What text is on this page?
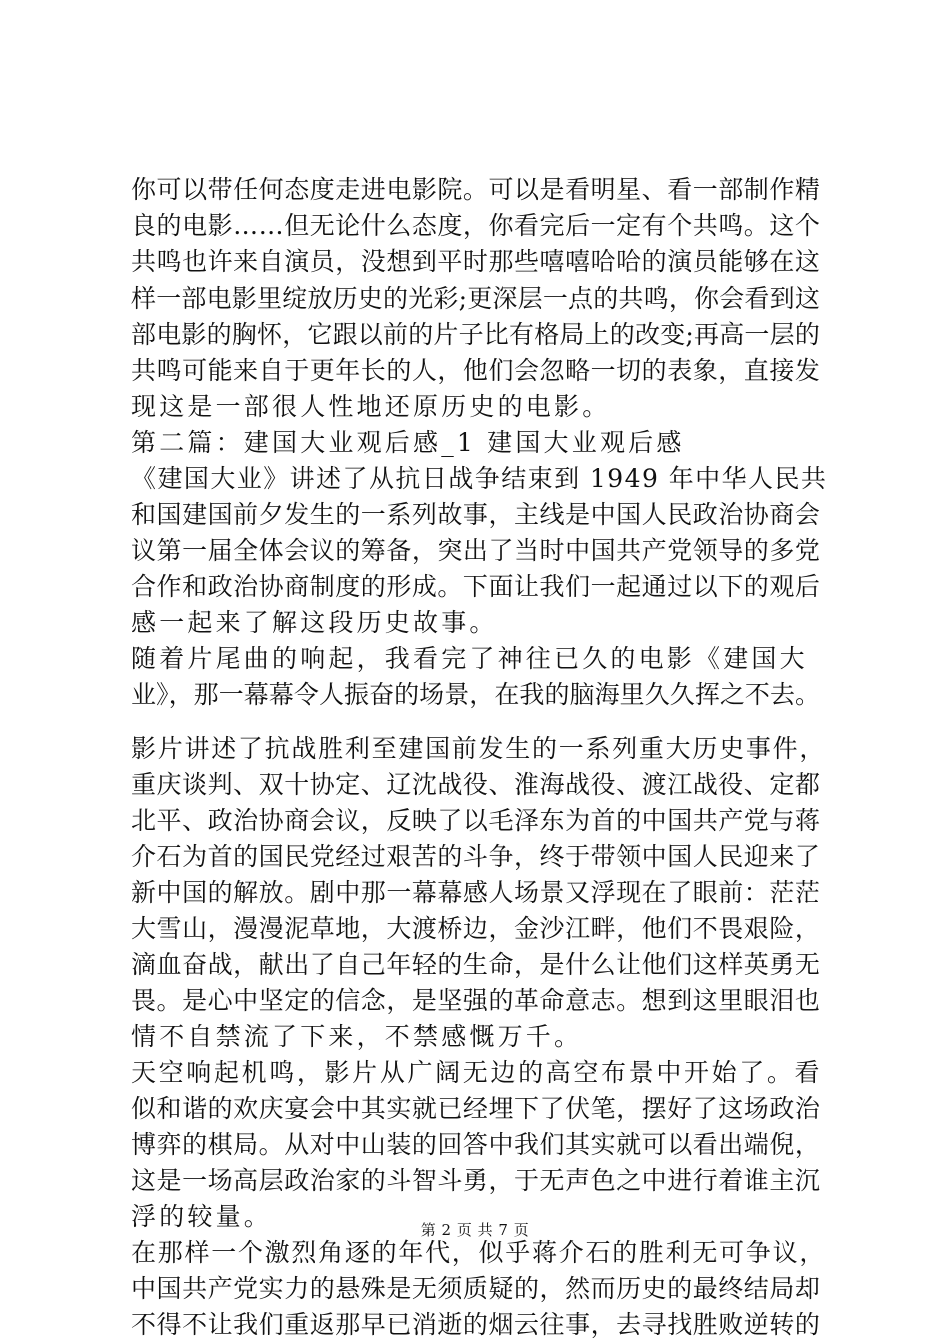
你可以带任何态度走进电影院。可以是看明星、看一部制作精
良的电影……但无论什么态度，你看完后一定有个共鸣。这个
共鸣也许来自演员，没想到平时那些嘻嘻哈哈的演员能够在这
样一部电影里绽放历史的光彩;更深层一点的共鸣，你会看到这
部电影的胸怀，它跟以前的片子比有格局上的改变;再高一层的
共鸣可能来自于更年长的人，他们会忽略一切的表象，直接发
现这是一部很人性地还原历史的电影。
第二篇：建国大业观后感_1 建国大业观后感
《建国大业》讲述了从抗日战争结束到 1949 年中华人民共
和国建国前夕发生的一系列故事，主线是中国人民政治协商会
议第一届全体会议的筹备，突出了当时中国共产党领导的多党
合作和政治协商制度的形成。下面让我们一起通过以下的观后
感一起来了解这段历史故事。
随着片尾曲的响起，我看完了神往已久的电影《建国大
业》，那一幕幕令人振奋的场景，在我的脑海里久久挥之不去。
影片讲述了抗战胜利至建国前发生的一系列重大历史事件，
重庆谈判、双十协定、辽沈战役、淮海战役、渡江战役、定都
北平、政治协商会议，反映了以毛泽东为首的中国共产党与蒋
介石为首的国民党经过艰苦的斗争，终于带领中国人民迎来了
新中国的解放。剧中那一幕幕感人场景又浮现在了眼前：茫茫
大雪山，漫漫泥草地，大渡桥边，金沙江畔，他们不畏艰险，
滴血奋战，献出了自己年轻的生命，是什么让他们这样英勇无
畏。是心中坚定的信念，是坚强的革命意志。想到这里眼泪也
情不自禁流了下来，不禁感慨万千。
天空响起机鸣，影片从广阔无边的高空布景中开始了。看
似和谐的欢庆宴会中其实就已经埋下了伏笔，摆好了这场政治
博弈的棋局。从对中山装的回答中我们其实就可以看出端倪，
这是一场高层政治家的斗智斗勇，于无声色之中进行着谁主沉
浮的较量。
在那样一个激烈角逐的年代，似乎蒋介石的胜利无可争议，
中国共产党实力的悬殊是无须质疑的，然而历史的最终结局却
不得不让我们重返那早已消逝的烟云往事，去寻找胜败逆转的
第 2 页 共 7 页
